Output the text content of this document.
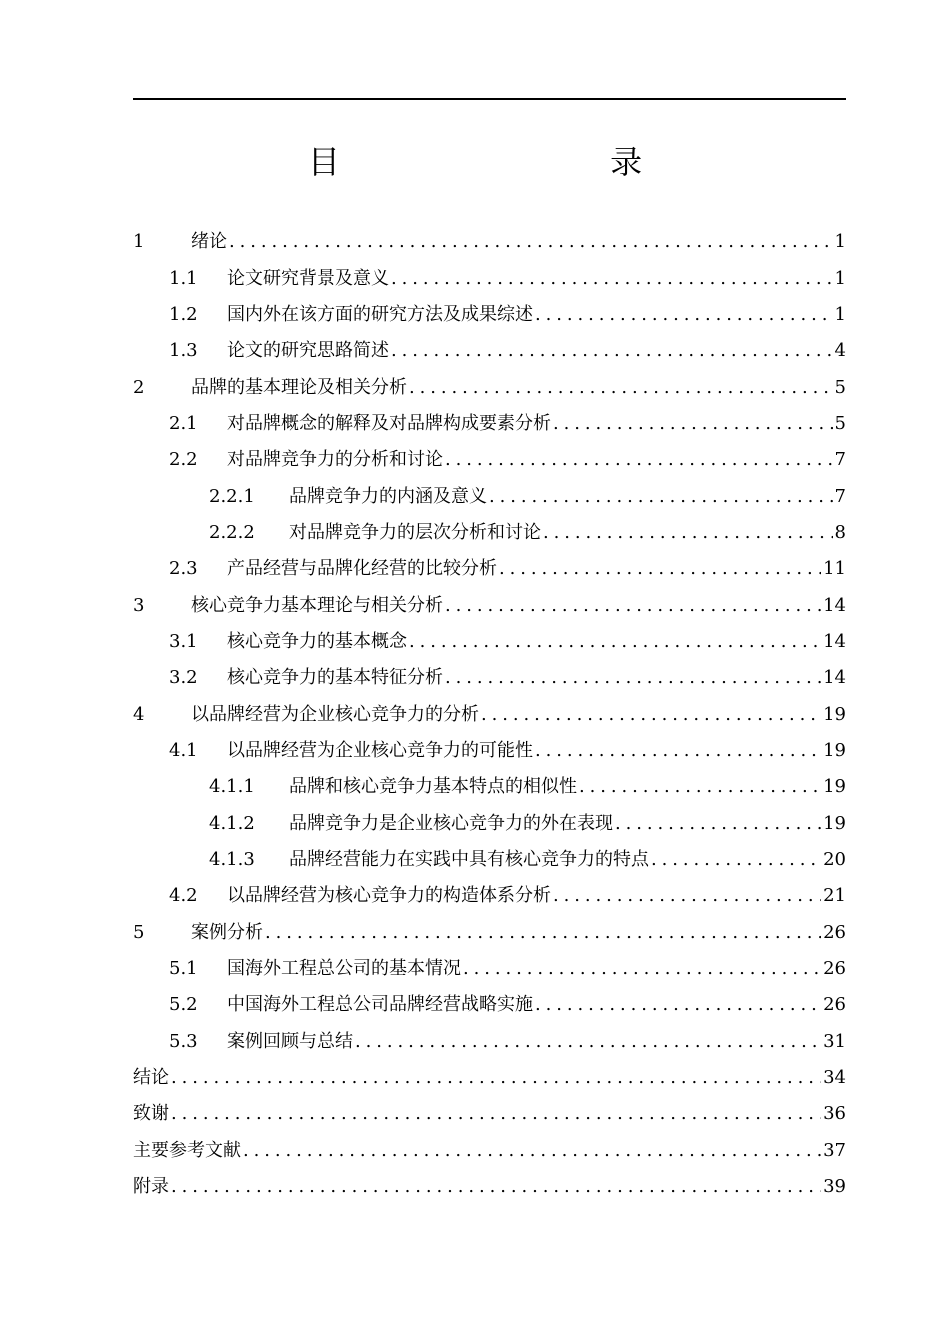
目 录
1	绪论 .....	1
1.1	论文研究背景及意义 .....	1
1.2	国内外在该方面的研究方法及成果综述 .....	1
1.3	论文的研究思路简述 .....	4
2	品牌的基本理论及相关分析 .....	5
2.1	对品牌概念的解释及对品牌构成要素分析 .....	5
2.2	对品牌竞争力的分析和讨论 .....	7
2.2.1	品牌竞争力的内涵及意义 .....	7
2.2.2	对品牌竞争力的层次分析和讨论 .....	8
2.3	产品经营与品牌化经营的比较分析 .....	11
3	核心竞争力基本理论与相关分析 .....	14
3.1	核心竞争力的基本概念 .....	14
3.2	核心竞争力的基本特征分析 .....	14
4	以品牌经营为企业核心竞争力的分析 .....	19
4.1	以品牌经营为企业核心竞争力的可能性 .....	19
4.1.1	品牌和核心竞争力基本特点的相似性 .....	19
4.1.2	品牌竞争力是企业核心竞争力的外在表现 .....	19
4.1.3	品牌经营能力在实践中具有核心竞争力的特点 .....	20
4.2	以品牌经营为核心竞争力的构造体系分析 .....	21
5	案例分析 .....	26
5.1	国海外工程总公司的基本情况 .....	26
5.2	中国海外工程总公司品牌经营战略实施 .....	26
5.3	案例回顾与总结 .....	31
结论 .....	34
致谢 .....	36
主要参考文献 .....	37
附录 .....	39
